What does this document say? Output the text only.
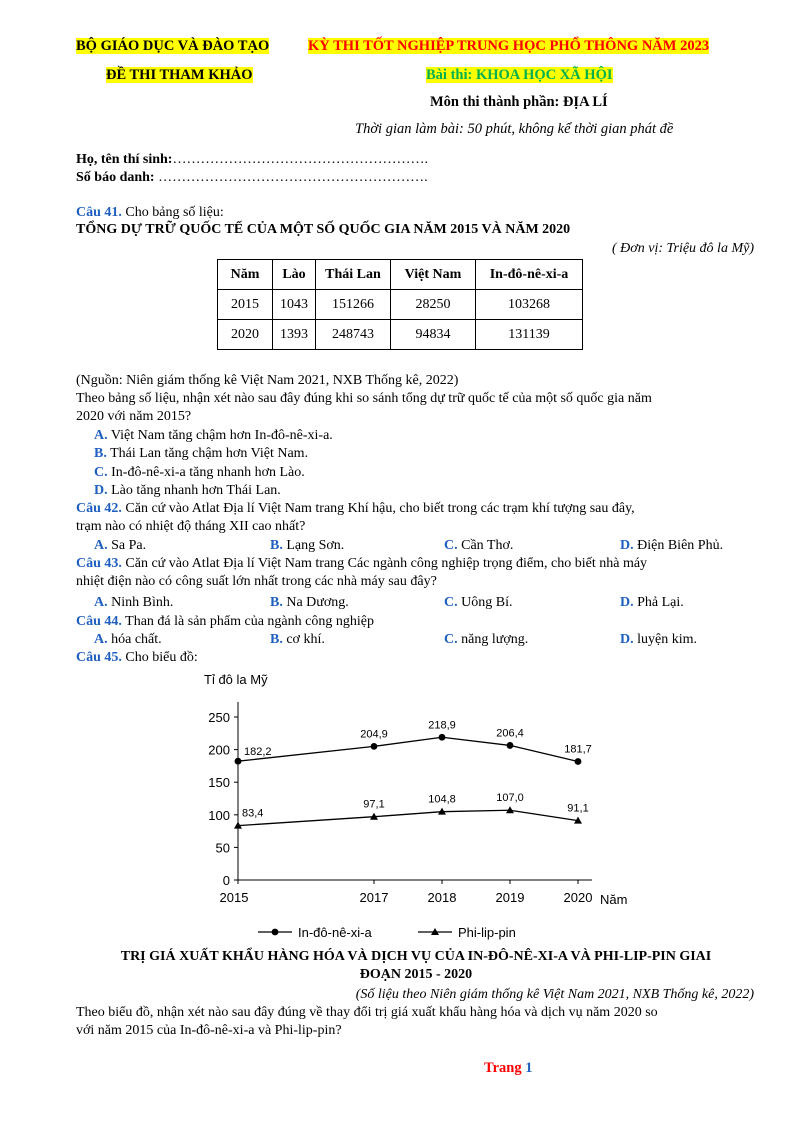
BỘ GIÁO DỤC VÀ ĐÀO TẠO	KỲ THI TỐT NGHIỆP TRUNG HỌC PHỔ THÔNG NĂM 2023
ĐỀ THI THAM KHẢO	Bài thi: KHOA HỌC XÃ HỘI
Môn thi thành phần: ĐỊA LÍ
Thời gian làm bài: 50 phút, không kể thời gian phát đề
Họ, tên thí sinh:……………………………………………….
Số báo danh: ………………………………………………….
Câu 41. Cho bảng số liệu:
TỔNG DỰ TRỮ QUỐC TẾ CỦA MỘT SỐ QUỐC GIA NĂM 2015 VÀ NĂM 2020
( Đơn vị: Triệu đô la Mỹ)
Năm	Lào	Thái Lan	Việt Nam	In-đô-nê-xi-a
2015	1043	151266	28250	103268
2020	1393	248743	94834	131139
(Nguồn: Niên giám thống kê Việt Nam 2021, NXB Thống kê, 2022)
Theo bảng số liệu, nhận xét nào sau đây đúng khi so sánh tổng dự trữ quốc tế của một số quốc gia năm
2020 với năm 2015?
A. Việt Nam tăng chậm hơn In-đô-nê-xi-a.
B. Thái Lan tăng chậm hơn Việt Nam.
C. In-đô-nê-xi-a tăng nhanh hơn Lào.
D. Lào tăng nhanh hơn Thái Lan.
Câu 42. Căn cứ vào Atlat Địa lí Việt Nam trang Khí hậu, cho biết trong các trạm khí tượng sau đây,
trạm nào có nhiệt độ tháng XII cao nhất?
A. Sa Pa.	B. Lạng Sơn.	C. Cần Thơ.	D. Điện Biên Phủ.
Câu 43. Căn cứ vào Atlat Địa lí Việt Nam trang Các ngành công nghiệp trọng điểm, cho biết nhà máy
nhiệt điện nào có công suất lớn nhất trong các nhà máy sau đây?
A. Ninh Bình.	B. Na Dương.	C. Uông Bí.	D. Phả Lại.
Câu 44. Than đá là sản phẩm của ngành công nghiệp
A. hóa chất.	B. cơ khí.	C. năng lượng.	D. luyện kim.
Câu 45. Cho biểu đồ:
Tỉ đô la Mỹ
0
50
100
150
200
250
2015	2017	2018	2019	2020
182,2
204,9
218,9
206,4
181,7
83,4
97,1	104,8	107,0
91,1
Năm
In-đô-nê-xi-a	Phi-lip-pin
TRỊ GIÁ XUẤT KHẨU HÀNG HÓA VÀ DỊCH VỤ CỦA IN-ĐÔ-NÊ-XI-A VÀ PHI-LIP-PIN GIAI
ĐOẠN 2015 - 2020
(Số liệu theo Niên giám thống kê Việt Nam 2021, NXB Thống kê, 2022)
Theo biểu đồ, nhận xét nào sau đây đúng về thay đổi trị giá xuất khẩu hàng hóa và dịch vụ năm 2020 so
với năm 2015 của In-đô-nê-xi-a và Phi-lip-pin?
Trang 1
